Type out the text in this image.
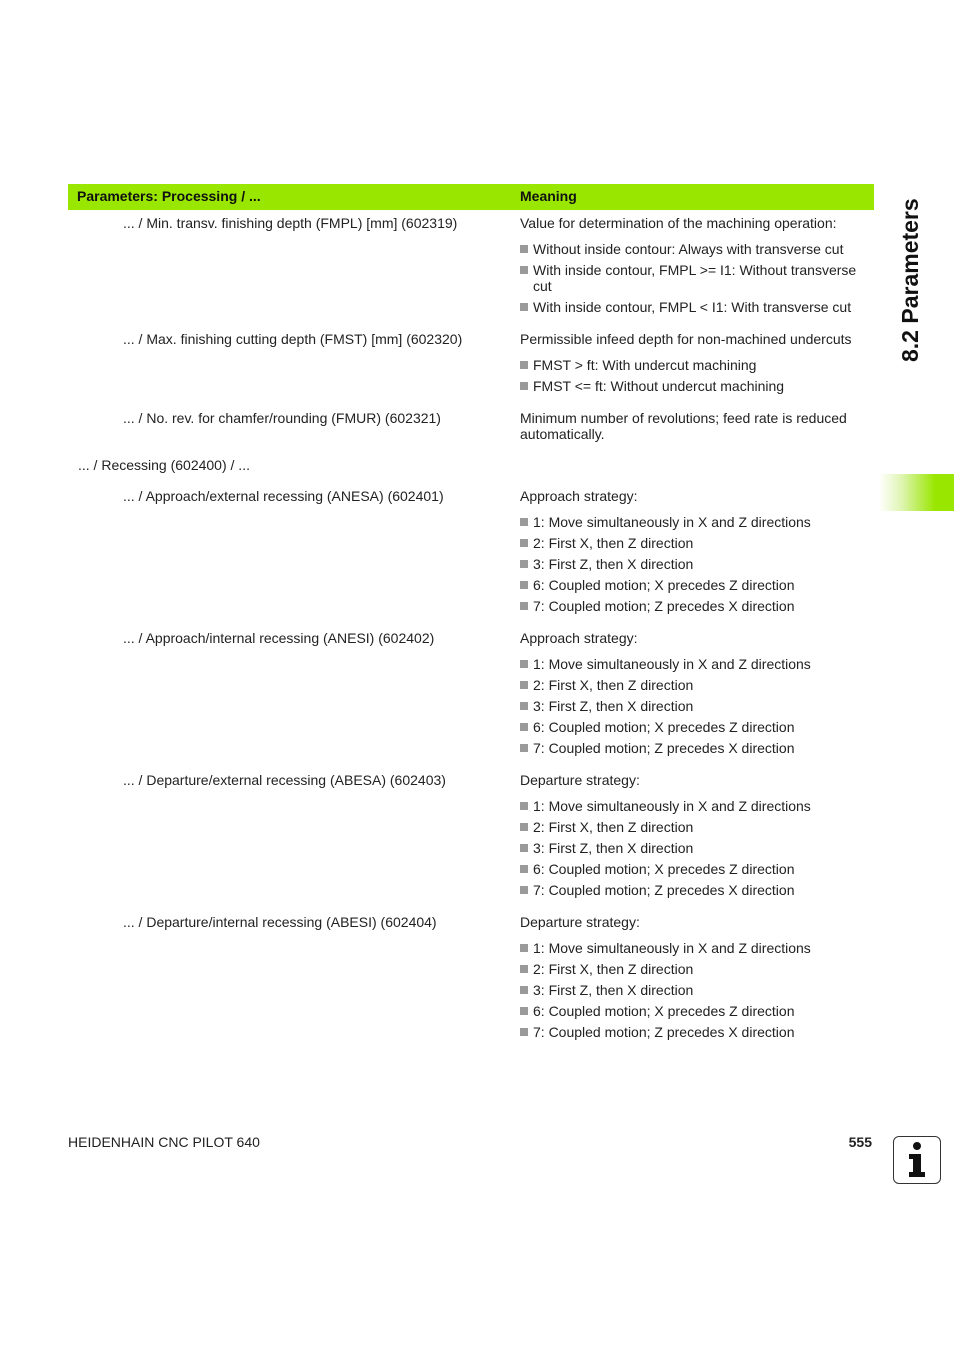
Parameters: Processing / ...	Meaning
... / Min. transv. finishing depth (FMPL) [mm] (602319)	Value for determination of the machining operation:
Without inside contour: Always with transverse cut
With inside contour, FMPL >= I1: Without transverse cut
With inside contour, FMPL < I1: With transverse cut
... / Max. finishing cutting depth (FMST) [mm] (602320)	Permissible infeed depth for non-machined undercuts
FMST > ft: With undercut machining
FMST <= ft: Without undercut machining
... / No. rev. for chamfer/rounding (FMUR) (602321)	Minimum number of revolutions; feed rate is reduced automatically.
... / Recessing (602400) / ...
... / Approach/external recessing (ANESA) (602401)	Approach strategy:
1: Move simultaneously in X and Z directions
2: First X, then Z direction
3: First Z, then X direction
6: Coupled motion; X precedes Z direction
7: Coupled motion; Z precedes X direction
... / Approach/internal recessing (ANESI) (602402)	Approach strategy:
1: Move simultaneously in X and Z directions
2: First X, then Z direction
3: First Z, then X direction
6: Coupled motion; X precedes Z direction
7: Coupled motion; Z precedes X direction
... / Departure/external recessing (ABESA) (602403)	Departure strategy:
1: Move simultaneously in X and Z directions
2: First X, then Z direction
3: First Z, then X direction
6: Coupled motion; X precedes Z direction
7: Coupled motion; Z precedes X direction
... / Departure/internal recessing (ABESI) (602404)	Departure strategy:
1: Move simultaneously in X and Z directions
2: First X, then Z direction
3: First Z, then X direction
6: Coupled motion; X precedes Z direction
7: Coupled motion; Z precedes X direction
8.2 Parameters
HEIDENHAIN CNC PILOT 640	555
